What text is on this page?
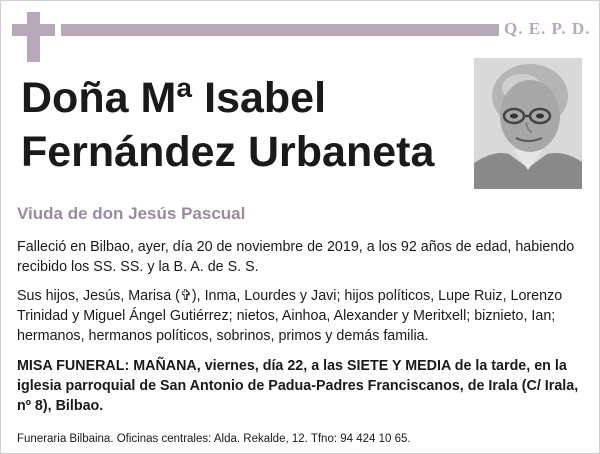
Q. E. P. D.
Doña Mª Isabel
Fernández Urbaneta
Viuda de don Jesús Pascual
Falleció en Bilbao, ayer, día 20 de noviembre de 2019, a los 92 años de edad, habiendo recibido los SS. SS. y la B. A. de S. S.
Sus hijos, Jesús, Marisa (✞), Inma, Lourdes y Javi; hijos políticos, Lupe Ruiz, Lorenzo Trinidad y Miguel Ángel Gutiérrez; nietos, Ainhoa, Alexander y Meritxell; biznieto, Ian; hermanos, hermanos políticos, sobrinos, primos y demás familia.
MISA FUNERAL: MAÑANA, viernes, día 22, a las SIETE Y MEDIA de la tarde, en la iglesia parroquial de San Antonio de Padua-Padres Franciscanos, de Irala (C/ Irala, nº 8), Bilbao.
Funeraria Bilbaina. Oficinas centrales: Alda. Rekalde, 12. Tfno: 94 424 10 65.
